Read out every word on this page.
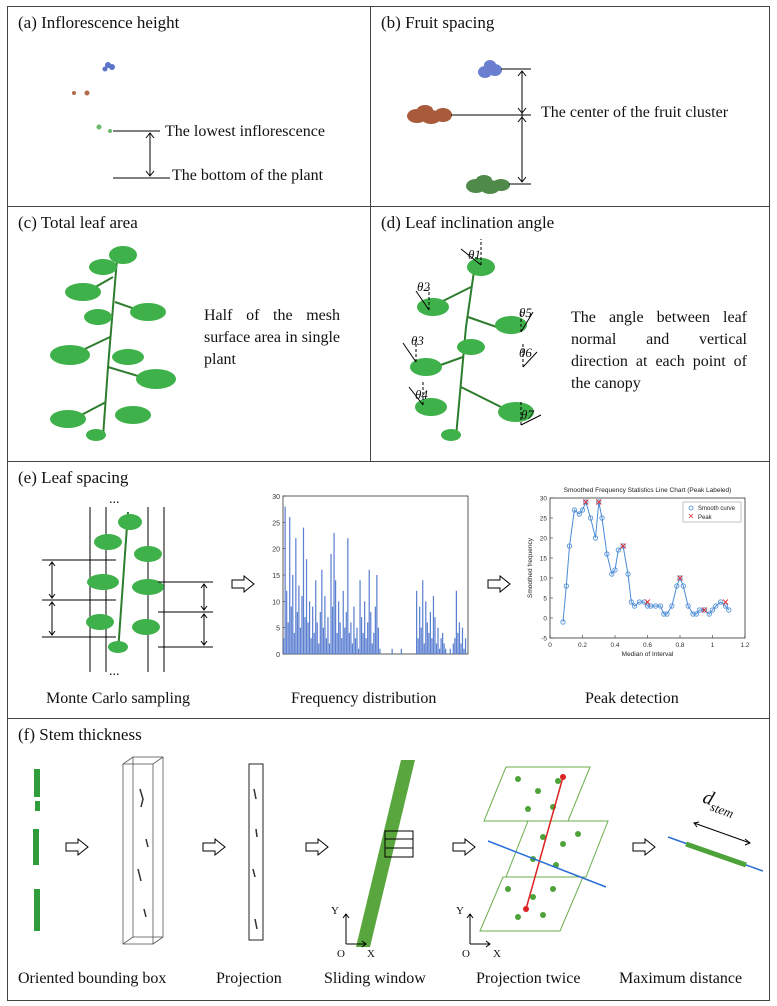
(a) Inflorescence height
The lowest inflorescence
The bottom of the plant
(b) Fruit spacing
The center of the fruit cluster
(c) Total leaf area
Half of the mesh surface area in single plant
(d) Leaf inclination angle
θ1
θ2
θ3
θ4
θ5
θ6
θ7
The angle between leaf normal and vertical direction at each point of the canopy
(e) Leaf spacing
...
...
0
5
10
15
20
25
30
Smoothed Frequency Statistics Line Chart (Peak Labeled)
-5
0
5
10
15
20
25
30
0	0.2	0.4	0.6	0.8	1	1.2
Median of Interval
Smoothed frequency
Smooth curve
Peak
Monte Carlo sampling	Frequency distribution	Peak detection
(f) Stem thickness
Y
O X
Y
O X
$d_{stem}$
Oriented bounding box	Projection	Sliding window	Projection twice Maximum distance
